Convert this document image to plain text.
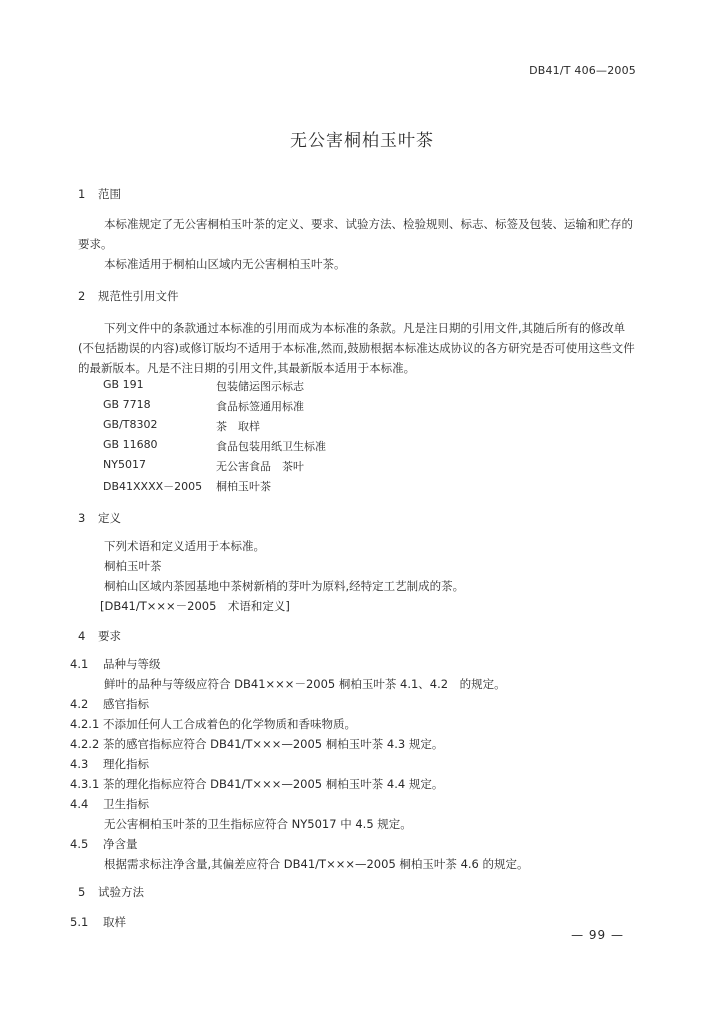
DB41/T 406—2005
无公害桐柏玉叶茶
1 范围
本标准规定了无公害桐柏玉叶茶的定义、要求、试验方法、检验规则、标志、标签及包装、运输和贮存的要求。
本标准适用于桐柏山区域内无公害桐柏玉叶茶。
2 规范性引用文件
下列文件中的条款通过本标准的引用而成为本标准的条款。凡是注日期的引用文件,其随后所有的修改单(不包括勘误的内容)或修订版均不适用于本标准,然而,鼓励根据本标准达成协议的各方研究是否可使用这些文件的最新版本。凡是不注日期的引用文件,其最新版本适用于本标准。
GB 191	包装储运图示标志
GB 7718	食品标签通用标准
GB/T8302	茶　取样
GB 11680	食品包装用纸卫生标准
NY5017	无公害食品　茶叶
DB41XXXX－2005 桐柏玉叶茶
3 定义
下列术语和定义适用于本标准。
桐柏玉叶茶
桐柏山区域内茶园基地中茶树新梢的芽叶为原料,经特定工艺制成的茶。
[DB41/T×××－2005　术语和定义]
4 要求
4.1 品种与等级
鲜叶的品种与等级应符合 DB41×××－2005 桐柏玉叶茶 4.1、4.2　的规定。
4.2 感官指标
4.2.1 不添加任何人工合成着色的化学物质和香味物质。
4.2.2 茶的感官指标应符合 DB41/T×××—2005 桐柏玉叶茶 4.3 规定。
4.3 理化指标
4.3.1 茶的理化指标应符合 DB41/T×××—2005 桐柏玉叶茶 4.4 规定。
4.4 卫生指标
无公害桐柏玉叶茶的卫生指标应符合 NY5017 中 4.5 规定。
4.5 净含量
根据需求标注净含量,其偏差应符合 DB41/T×××—2005 桐柏玉叶茶 4.6 的规定。
5 试验方法
5.1 取样
— 99 —
